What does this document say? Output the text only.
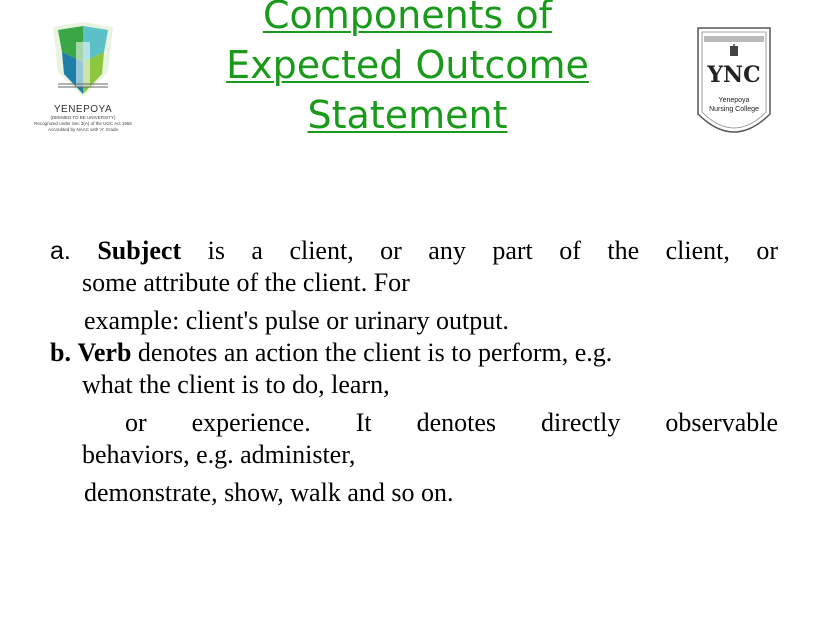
YENEPOYA
(DEEMED TO BE UNIVERSITY)
Recognized under Sec 3(A) of the UGC Act 1956
Accredited by NAAC with 'A' Grade
Components of
Expected Outcome
Statement
YNC
Yenepoya
Nursing College

a. Subject is a client, or any part of the client, or

some attribute of the client. For

example: client's pulse or urinary output.

b. Verb denotes an action the client is to perform, e.g.

what the client is to do, learn,

or experience. It denotes directly observable

behaviors, e.g. administer,

demonstrate, show, walk and so on.
